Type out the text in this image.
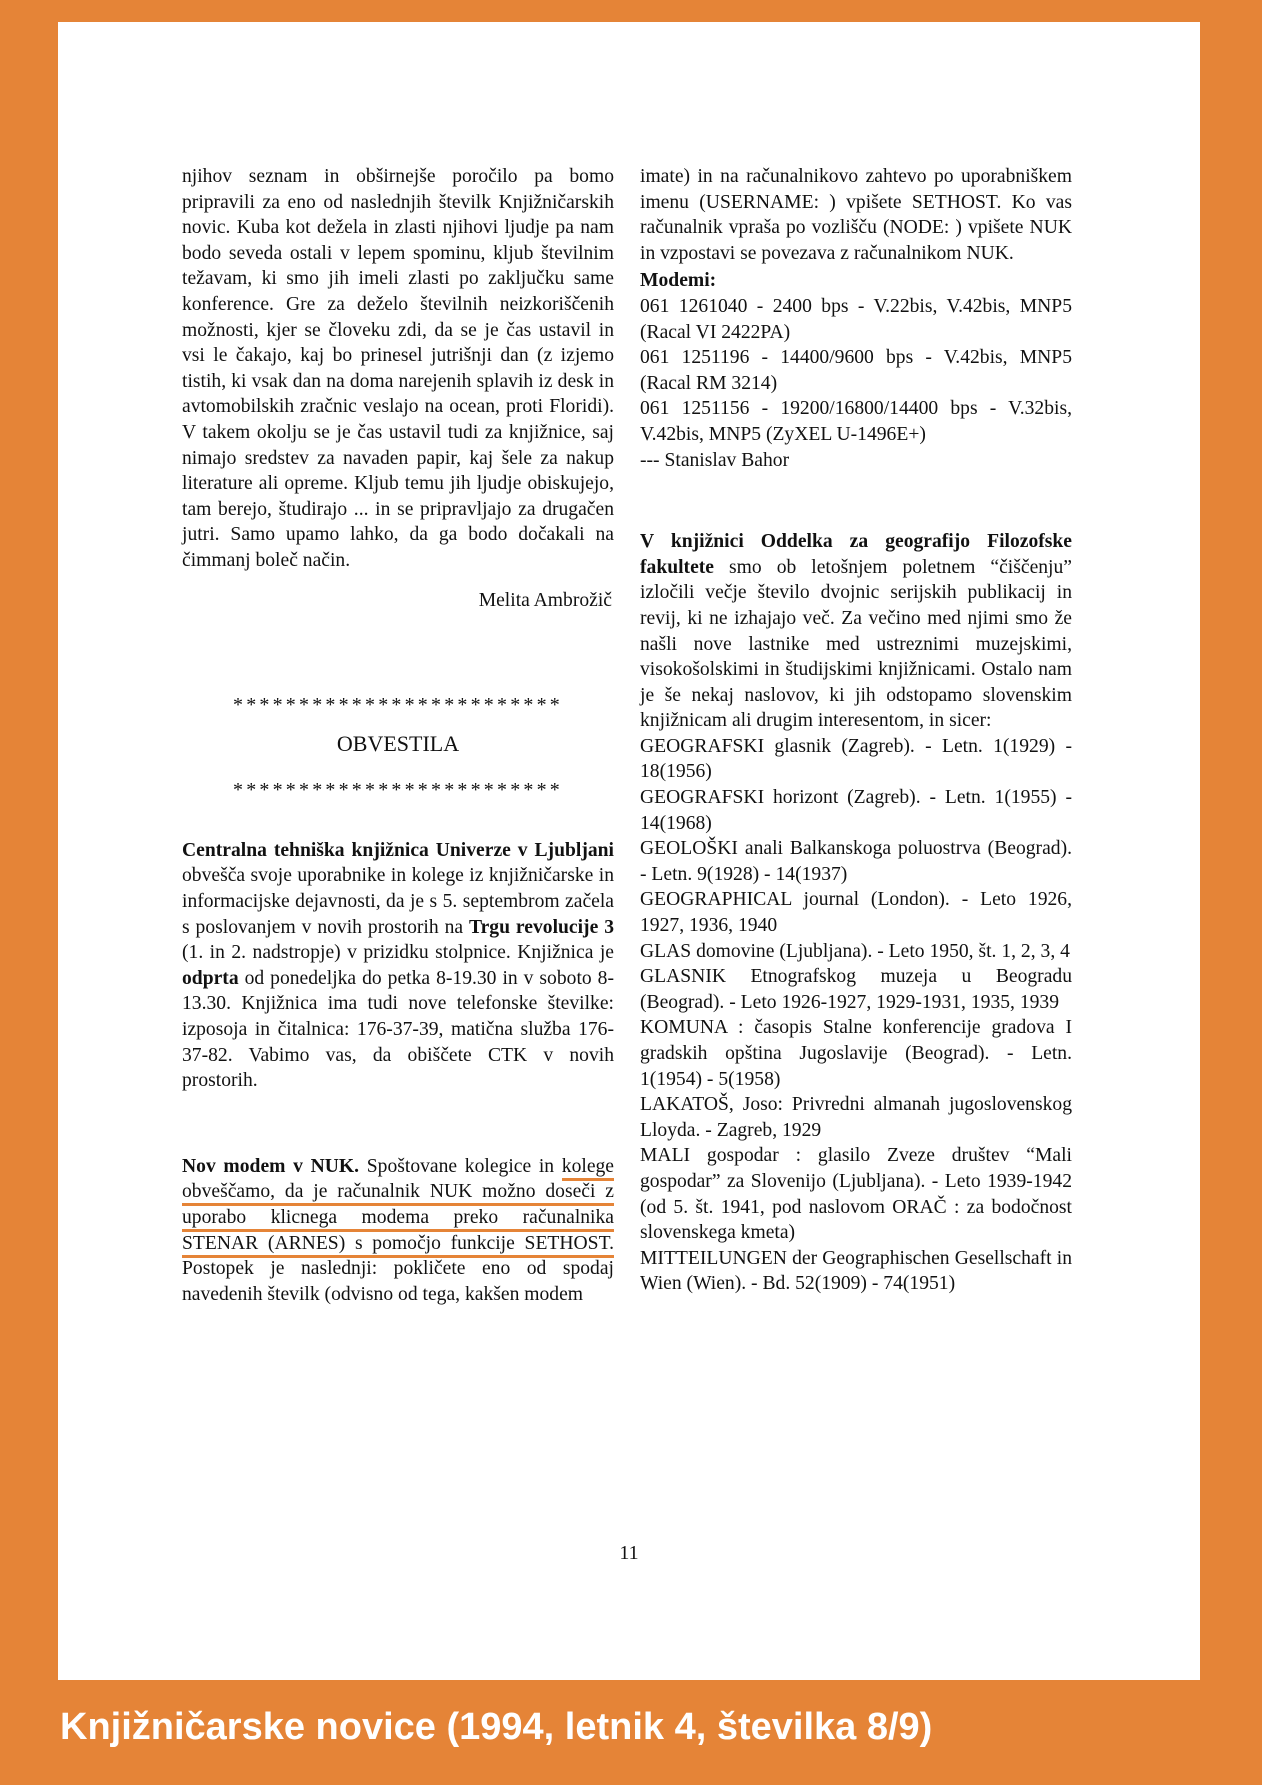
njihov seznam in obširnejše poročilo pa bomo pripravili za eno od naslednjih številk Knjižničarskih novic. Kuba kot dežela in zlasti njihovi ljudje pa nam bodo seveda ostali v lepem spominu, kljub številnim težavam, ki smo jih imeli zlasti po zaključku same konference. Gre za deželo številnih neizkoriščenih možnosti, kjer se človeku zdi, da se je čas ustavil in vsi le čakajo, kaj bo prinesel jutrišnji dan (z izjemo tistih, ki vsak dan na doma narejenih splavih iz desk in avtomobilskih zračnic veslajo na ocean, proti Floridi). V takem okolju se je čas ustavil tudi za knjižnice, saj nimajo sredstev za navaden papir, kaj šele za nakup literature ali opreme. Kljub temu jih ljudje obiskujejo, tam berejo, študirajo ... in se pripravljajo za drugačen jutri. Samo upamo lahko, da ga bodo dočakali na čimmanj boleč način.

Melita Ambrožič

*************************

OBVESTILA

*************************

Centralna tehniška knjižnica Univerze v Ljubljani obvešča svoje uporabnike in kolege iz knjižničarske in informacijske dejavnosti, da je s 5. septembrom začela s poslovanjem v novih prostorih na Trgu revolucije 3 (1. in 2. nadstropje) v prizidku stolpnice. Knjižnica je odprta od ponedeljka do petka 8-19.30 in v soboto 8-13.30. Knjižnica ima tudi nove telefonske številke: izposoja in čitalnica: 176-37-39, matična služba 176-37-82. Vabimo vas, da obiščete CTK v novih prostorih.

Nov modem v NUK. Spoštovane kolegice in kolege obveščamo, da je računalnik NUK možno doseči z uporabo klicnega modema preko računalnika STENAR (ARNES) s pomočjo funkcije SETHOST. Postopek je naslednji: pokličete eno od spodaj navedenih številk (odvisno od tega, kakšen modem

imate) in na računalnikovo zahtevo po uporabniškem imenu (USERNAME: ) vpišete SETHOST. Ko vas računalnik vpraša po vozlišču (NODE: ) vpišete NUK in vzpostavi se povezava z računalnikom NUK.

Modemi:

061 1261040 - 2400 bps - V.22bis, V.42bis, MNP5 (Racal VI 2422PA)

061 1251196 - 14400/9600 bps - V.42bis, MNP5 (Racal RM 3214)

061 1251156 - 19200/16800/14400 bps - V.32bis, V.42bis, MNP5 (ZyXEL U-1496E+)

--- Stanislav Bahor

V knjižnici Oddelka za geografijo Filozofske fakultete smo ob letošnjem poletnem “čiščenju” izločili večje število dvojnic serijskih publikacij in revij, ki ne izhajajo več. Za večino med njimi smo že našli nove lastnike med ustreznimi muzejskimi, visokošolskimi in študijskimi knjižnicami. Ostalo nam je še nekaj naslovov, ki jih odstopamo slovenskim knjižnicam ali drugim interesentom, in sicer:

GEOGRAFSKI glasnik (Zagreb). - Letn. 1(1929) - 18(1956)

GEOGRAFSKI horizont (Zagreb). - Letn. 1(1955) - 14(1968)

GEOLOŠKI anali Balkanskoga poluostrva (Beograd). - Letn. 9(1928) - 14(1937)

GEOGRAPHICAL journal (London). - Leto 1926, 1927, 1936, 1940

GLAS domovine (Ljubljana). - Leto 1950, št. 1, 2, 3, 4

GLASNIK Etnografskog muzeja u Beogradu (Beograd). - Leto 1926-1927, 1929-1931, 1935, 1939

KOMUNA : časopis Stalne konferencije gradova I gradskih opština Jugoslavije (Beograd). - Letn. 1(1954) - 5(1958)

LAKATOŠ, Joso: Privredni almanah jugoslovenskog Lloyda. - Zagreb, 1929

MALI gospodar : glasilo Zveze društev “Mali gospodar” za Slovenijo (Ljubljana). - Leto 1939-1942 (od 5. št. 1941, pod naslovom ORAČ : za bodočnost slovenskega kmeta)

MITTEILUNGEN der Geographischen Gesellschaft in Wien (Wien). - Bd. 52(1909) - 74(1951)

11
Knjižničarske novice (1994, letnik 4, številka 8/9)
